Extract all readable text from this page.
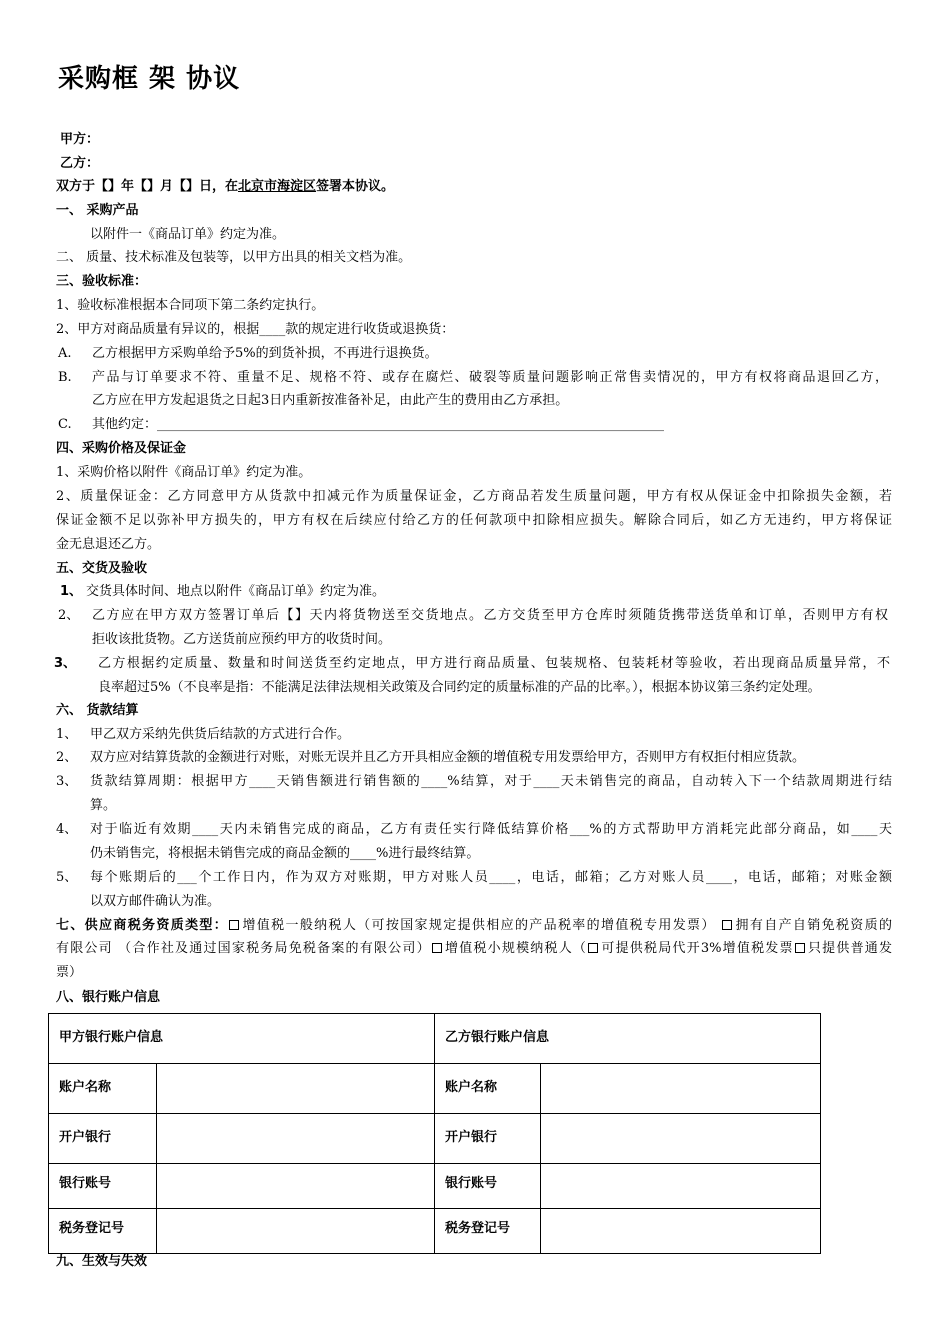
采购框 架 协议
甲方：
乙方：
双方于【】年【】月【】日，在北京市海淀区签署本协议。
一、 采购产品
以附件一《商品订单》约定为准。
二、 质量、技术标准及包装等，以甲方出具的相关文档为准。
三、验收标准：
1、验收标准根据本合同项下第二条约定执行。
2、甲方对商品质量有异议的，根据____款的规定进行收货或退换货：
A. 乙方根据甲方采购单给予5%的到货补损，不再进行退换货。
B. 产品与订单要求不符、重量不足、规格不符、或存在腐烂、破裂等质量问题影响正常售卖情况的，甲方有权将商品退回乙方，
乙方应在甲方发起退货之日起3日内重新按准备补足，由此产生的费用由乙方承担。
C. 其他约定：______________________________________________________________________________
四、采购价格及保证金
1、采购价格以附件《商品订单》约定为准。
2、质量保证金：乙方同意甲方从货款中扣减元作为质量保证金，乙方商品若发生质量问题，甲方有权从保证金中扣除损失金额，若
保证金额不足以弥补甲方损失的，甲方有权在后续应付给乙方的任何款项中扣除相应损失。解除合同后，如乙方无违约，甲方将保证
金无息退还乙方。
五、交货及验收
1、 交货具体时间、地点以附件《商品订单》约定为准。
2、 乙方应在甲方双方签署订单后【】天内将货物送至交货地点。乙方交货至甲方仓库时须随货携带送货单和订单，否则甲方有权
拒收该批货物。乙方送货前应预约甲方的收货时间。
3、 乙方根据约定质量、数量和时间送货至约定地点，甲方进行商品质量、包装规格、包装耗材等验收，若出现商品质量异常，不
良率超过5%（不良率是指：不能满足法律法规相关政策及合同约定的质量标准的产品的比率。），根据本协议第三条约定处理。
六、 货款结算
1、 甲乙双方采纳先供货后结款的方式进行合作。
2、 双方应对结算货款的金额进行对账，对账无误并且乙方开具相应金额的增值税专用发票给甲方，否则甲方有权拒付相应货款。
3、 货款结算周期：根据甲方____天销售额进行销售额的____%结算，对于____天未销售完的商品，自动转入下一个结款周期进行结
算。
4、 对于临近有效期____天内未销售完成的商品，乙方有责任实行降低结算价格___%的方式帮助甲方消耗完此部分商品，如____天
仍未销售完，将根据未销售完成的商品金额的____%进行最终结算。
5、 每个账期后的___个工作日内，作为双方对账期，甲方对账人员____，电话，邮箱；乙方对账人员____，电话，邮箱；对账金额
以双方邮件确认为准。
七、供应商税务资质类型： 增值税一般纳税人（可按国家规定提供相应的产品税率的增值税专用发票） 拥有自产自销免税资质的
有限公司 （合作社及通过国家税务局免税备案的有限公司） 增值税小规模纳税人（ 可提供税局代开3%增值税发票 只提供普通发
票）
八、银行账户信息
甲方银行账户信息		乙方银行账户信息	
账户名称		账户名称	
开户银行		开户银行	
银行账号		银行账号	
税务登记号		税务登记号	
九、生效与失效
